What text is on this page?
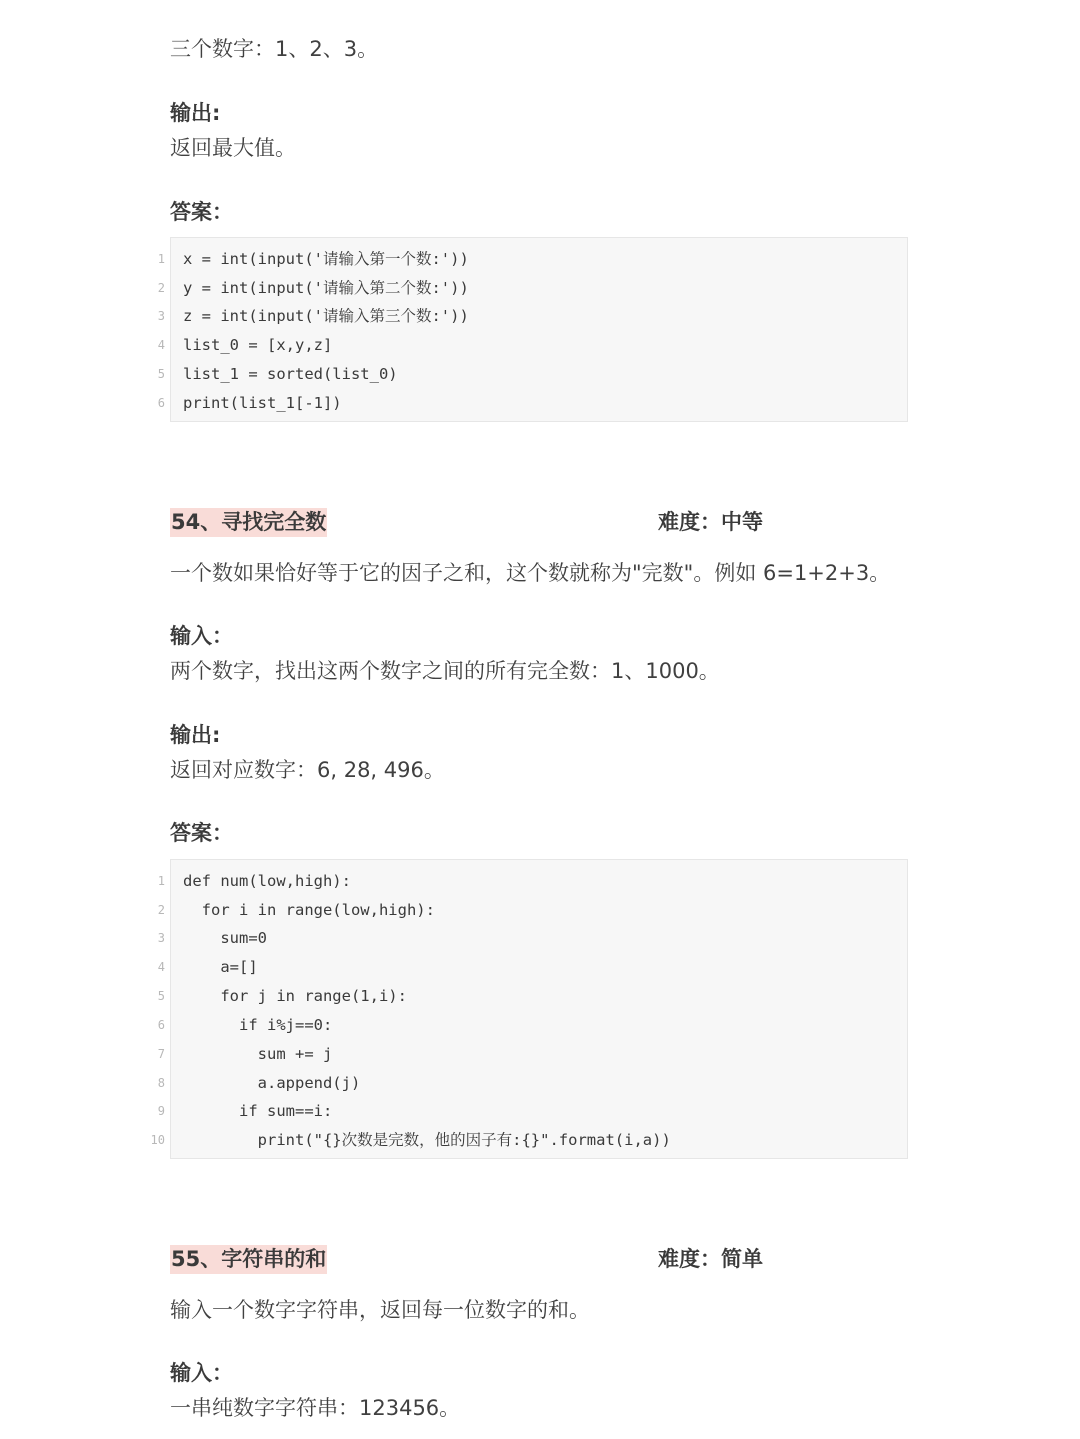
三个数字：1、2、3。
输出:
返回最大值。
答案：
1 x = int(input('请输入第一个数:'))
2 y = int(input('请输入第二个数:'))
3 z = int(input('请输入第三个数:'))
4 list_0 = [x,y,z]
5 list_1 = sorted(list_0)
6 print(list_1[-1])
54、寻找完全数	难度：中等
一个数如果恰好等于它的因子之和，这个数就称为"完数"。例如 6=1+2+3。
输入：
两个数字，找出这两个数字之间的所有完全数：1、1000。
输出:
返回对应数字：6, 28, 496。
答案：
1 def num(low,high):
2 for i in range(low,high):
3 sum=0
4 a=[]
5 for j in range(1,i):
6 if i%j==0:
7 sum += j
8 a.append(j)
9 if sum==i:
10 print("{}次数是完数，他的因子有:{}".format(i,a))
55、字符串的和	难度：简单
输入一个数字字符串，返回每一位数字的和。
输入：
一串纯数字字符串：123456。
